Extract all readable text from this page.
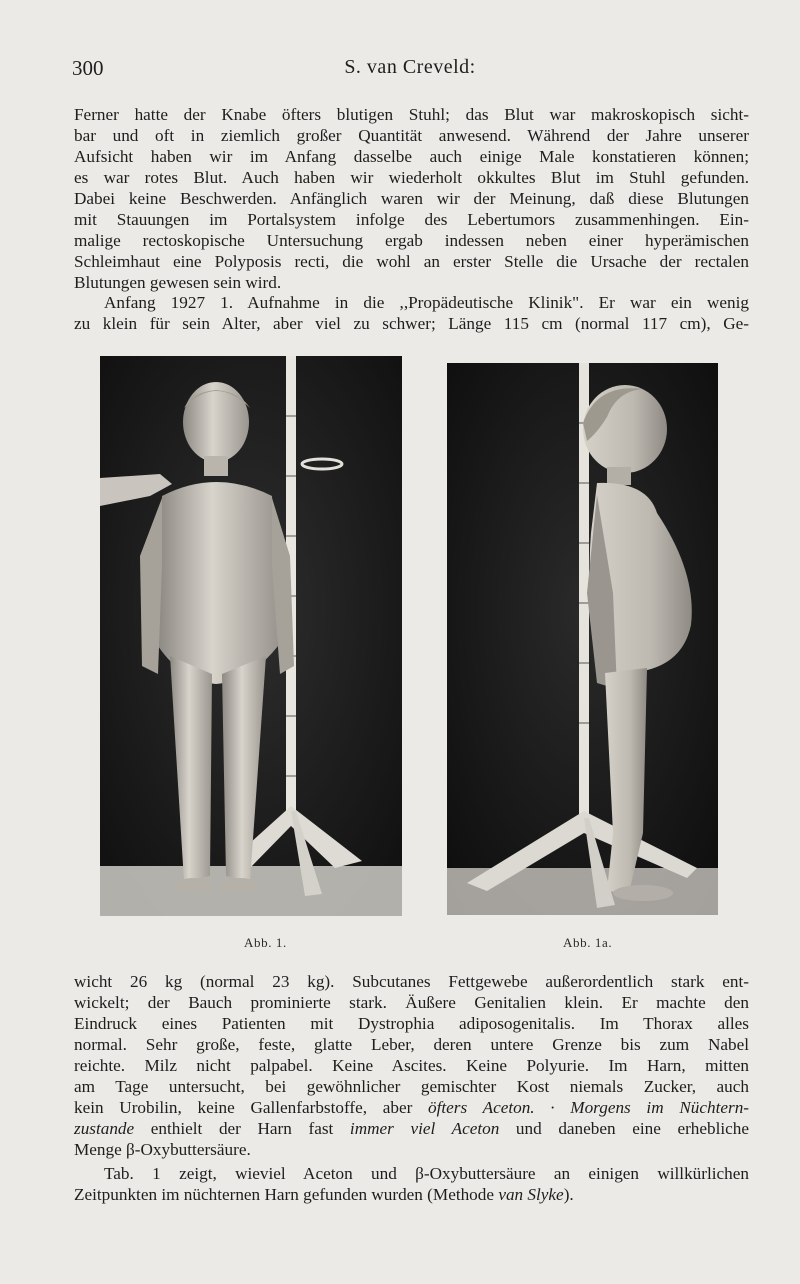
300	S. van Creveld:
Ferner hatte der Knabe öfters blutigen Stuhl; das Blut war makroskopisch sicht-
bar und oft in ziemlich großer Quantität anwesend. Während der Jahre unserer
Aufsicht haben wir im Anfang dasselbe auch einige Male konstatieren können;
es war rotes Blut. Auch haben wir wiederholt okkultes Blut im Stuhl gefunden.
Dabei keine Beschwerden. Anfänglich waren wir der Meinung, daß diese Blutungen
mit Stauungen im Portalsystem infolge des Lebertumors zusammenhingen. Ein-
malige rectoskopische Untersuchung ergab indessen neben einer hyperämischen
Schleimhaut eine Polyposis recti, die wohl an erster Stelle die Ursache der rectalen
Blutungen gewesen sein wird.
Anfang 1927 1. Aufnahme in die ,,Propädeutische Klinik". Er war ein wenig
zu klein für sein Alter, aber viel zu schwer; Länge 115 cm (normal 117 cm), Ge-
Abb. 1.	Abb. 1a.
wicht 26 kg (normal 23 kg). Subcutanes Fettgewebe außerordentlich stark ent-
wickelt; der Bauch prominierte stark. Äußere Genitalien klein. Er machte den
Eindruck eines Patienten mit Dystrophia adiposogenitalis. Im Thorax alles
normal. Sehr große, feste, glatte Leber, deren untere Grenze bis zum Nabel
reichte. Milz nicht palpabel. Keine Ascites. Keine Polyurie. Im Harn, mitten
am Tage untersucht, bei gewöhnlicher gemischter Kost niemals Zucker, auch
kein Urobilin, keine Gallenfarbstoffe, aber öfters Aceton. · Morgens im Nüchtern-
zustande enthielt der Harn fast immer viel Aceton und daneben eine erhebliche
Menge β-Oxybuttersäure.
Tab. 1 zeigt, wieviel Aceton und β-Oxybuttersäure an einigen willkürlichen
Zeitpunkten im nüchternen Harn gefunden wurden (Methode van Slyke).
